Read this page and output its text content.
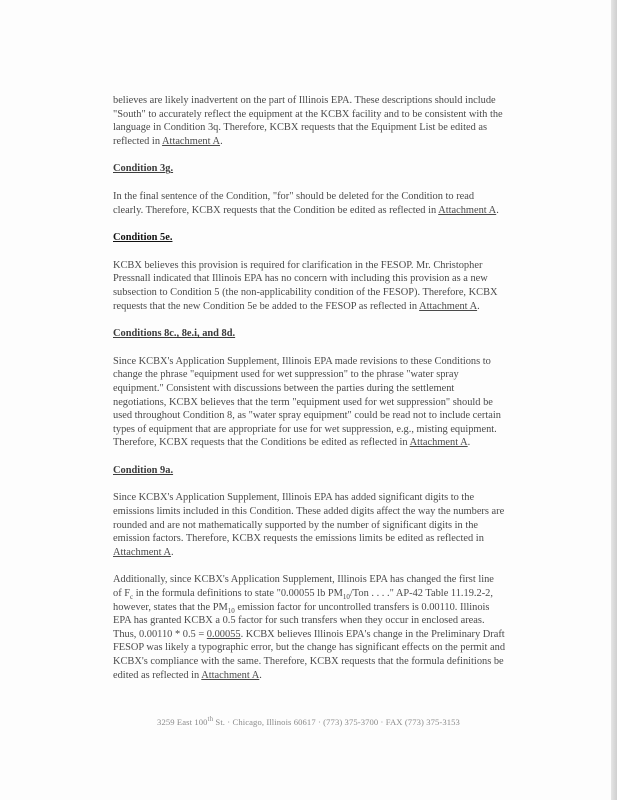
believes are likely inadvertent on the part of Illinois EPA. These descriptions should include "South" to accurately reflect the equipment at the KCBX facility and to be consistent with the language in Condition 3q. Therefore, KCBX requests that the Equipment List be edited as reflected in Attachment A.

Condition 3g.

In the final sentence of the Condition, "for" should be deleted for the Condition to read clearly. Therefore, KCBX requests that the Condition be edited as reflected in Attachment A.

Condition 5e.

KCBX believes this provision is required for clarification in the FESOP. Mr. Christopher Pressnall indicated that Illinois EPA has no concern with including this provision as a new subsection to Condition 5 (the non-applicability condition of the FESOP). Therefore, KCBX requests that the new Condition 5e be added to the FESOP as reflected in Attachment A.

Conditions 8c., 8e.i, and 8d.

Since KCBX's Application Supplement, Illinois EPA made revisions to these Conditions to change the phrase "equipment used for wet suppression" to the phrase "water spray equipment." Consistent with discussions between the parties during the settlement negotiations, KCBX believes that the term "equipment used for wet suppression" should be used throughout Condition 8, as "water spray equipment" could be read not to include certain types of equipment that are appropriate for use for wet suppression, e.g., misting equipment. Therefore, KCBX requests that the Conditions be edited as reflected in Attachment A.

Condition 9a.

Since KCBX's Application Supplement, Illinois EPA has added significant digits to the emissions limits included in this Condition. These added digits affect the way the numbers are rounded and are not mathematically supported by the number of significant digits in the emission factors. Therefore, KCBX requests the emissions limits be edited as reflected in Attachment A.

Additionally, since KCBX's Application Supplement, Illinois EPA has changed the first line of $F_c$ in the formula definitions to state "0.00055 lb $PM_{10}$/Ton . . . ." AP-42 Table 11.19.2-2, however, states that the $PM_{10}$ emission factor for uncontrolled transfers is 0.00110. Illinois EPA has granted KCBX a 0.5 factor for such transfers when they occur in enclosed areas. Thus, 0.00110 * 0.5 = 0.00055. KCBX believes Illinois EPA's change in the Preliminary Draft FESOP was likely a typographic error, but the change has significant effects on the permit and KCBX's compliance with the same. Therefore, KCBX requests that the formula definitions be edited as reflected in Attachment A.

3259 East 100th St. · Chicago, Illinois 60617 · (773) 375-3700 · FAX (773) 375-3153
